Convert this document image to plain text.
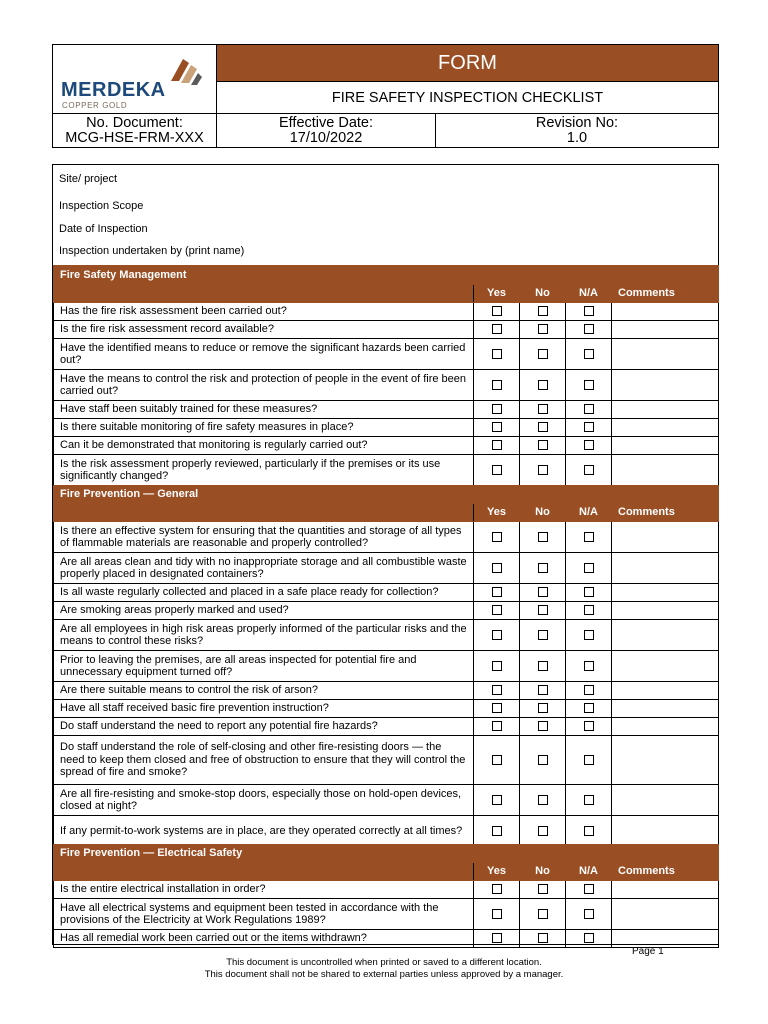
MERDEKA
COPPER GOLD
FORM
FIRE SAFETY INSPECTION CHECKLIST
No. Document:
MCG-HSE-FRM-XXX
Effective Date:
17/10/2022
Revision No:
1.0
Site/ project
Inspection Scope
Date of Inspection
Inspection undertaken by (print name)
Fire Safety Management				
	Yes	No	N/A	Comments
Has the fire risk assessment been carried out?				
Is the fire risk assessment record available?				
Have the identified means to reduce or remove the significant hazards been carried out?				
Have the means to control the risk and protection of people in the event of fire been carried out?				
Have staff been suitably trained for these measures?				
Is there suitable monitoring of fire safety measures in place?				
Can it be demonstrated that monitoring is regularly carried out?				
Is the risk assessment properly reviewed, particularly if the premises or its use significantly changed?				
Fire Prevention — General				
	Yes	No	N/A	Comments
Is there an effective system for ensuring that the quantities and storage of all types of flammable materials are reasonable and properly controlled?				
Are all areas clean and tidy with no inappropriate storage and all combustible waste properly placed in designated containers?				
Is all waste regularly collected and placed in a safe place ready for collection?				
Are smoking areas properly marked and used?				
Are all employees in high risk areas properly informed of the particular risks and the means to control these risks?				
Prior to leaving the premises, are all areas inspected for potential fire and unnecessary equipment turned off?				
Are there suitable means to control the risk of arson?				
Have all staff received basic fire prevention instruction?				
Do staff understand the need to report any potential fire hazards?				
Do staff understand the role of self-closing and other fire-resisting doors — the need to keep them closed and free of obstruction to ensure that they will control the spread of fire and smoke?				
Are all fire-resisting and smoke-stop doors, especially those on hold-open devices, closed at night?				
If any permit-to-work systems are in place, are they operated correctly at all times?				
Fire Prevention — Electrical Safety				
	Yes	No	N/A	Comments
Is the entire electrical installation in order?				
Have all electrical systems and equipment been tested in accordance with the provisions of the Electricity at Work Regulations 1989?				
Has all remedial work been carried out or the items withdrawn?				
Page 1
This document is uncontrolled when printed or saved to a different location.
This document shall not be shared to external parties unless approved by a manager.
